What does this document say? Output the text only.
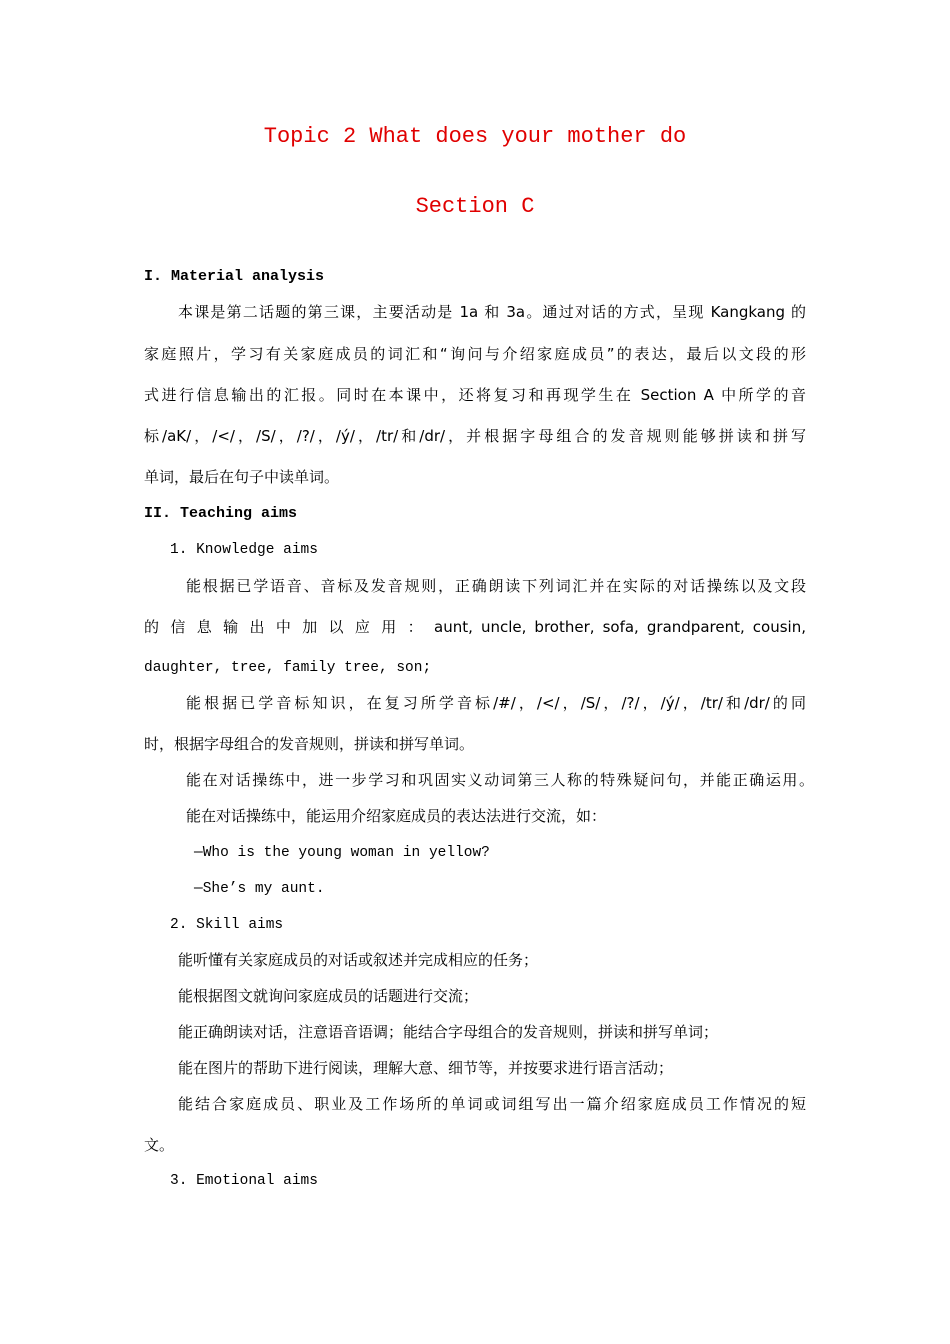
Topic 2 What does your mother do
Section C
I. Material analysis
本课是第二话题的第三课，主要活动是 1a 和 3a。通过对话的方式，呈现 Kangkang 的
家庭照片，学习有关家庭成员的词汇和“询问与介绍家庭成员”的表达，最后以文段的形
式进行信息输出的汇报。同时在本课中，还将复习和再现学生在 Section A 中所学的音
标/aK/，/</，/S/，/?/，/ý/，/tr/和/dr/，并根据字母组合的发音规则能够拼读和拼写
单词，最后在句子中读单词。
II. Teaching aims
1. Knowledge aims
能根据已学语音、音标及发音规则，正确朗读下列词汇并在实际的对话操练以及文段
的 信 息 输 出 中 加 以 应 用 ： aunt, uncle, brother, sofa, grandparent, cousin,
daughter, tree, family tree, son;
能根据已学音标知识，在复习所学音标/#/，/</，/S/，/?/，/ý/，/tr/和/dr/的同
时，根据字母组合的发音规则，拼读和拼写单词。
能在对话操练中，进一步学习和巩固实义动词第三人称的特殊疑问句，并能正确运用。
能在对话操练中，能运用介绍家庭成员的表达法进行交流，如：
—Who is the young woman in yellow?
—She’s my aunt.
2. Skill aims
能听懂有关家庭成员的对话或叙述并完成相应的任务；
能根据图文就询问家庭成员的话题进行交流；
能正确朗读对话，注意语音语调；能结合字母组合的发音规则，拼读和拼写单词；
能在图片的帮助下进行阅读，理解大意、细节等，并按要求进行语言活动；
能结合家庭成员、职业及工作场所的单词或词组写出一篇介绍家庭成员工作情况的短
文。
3. Emotional aims
